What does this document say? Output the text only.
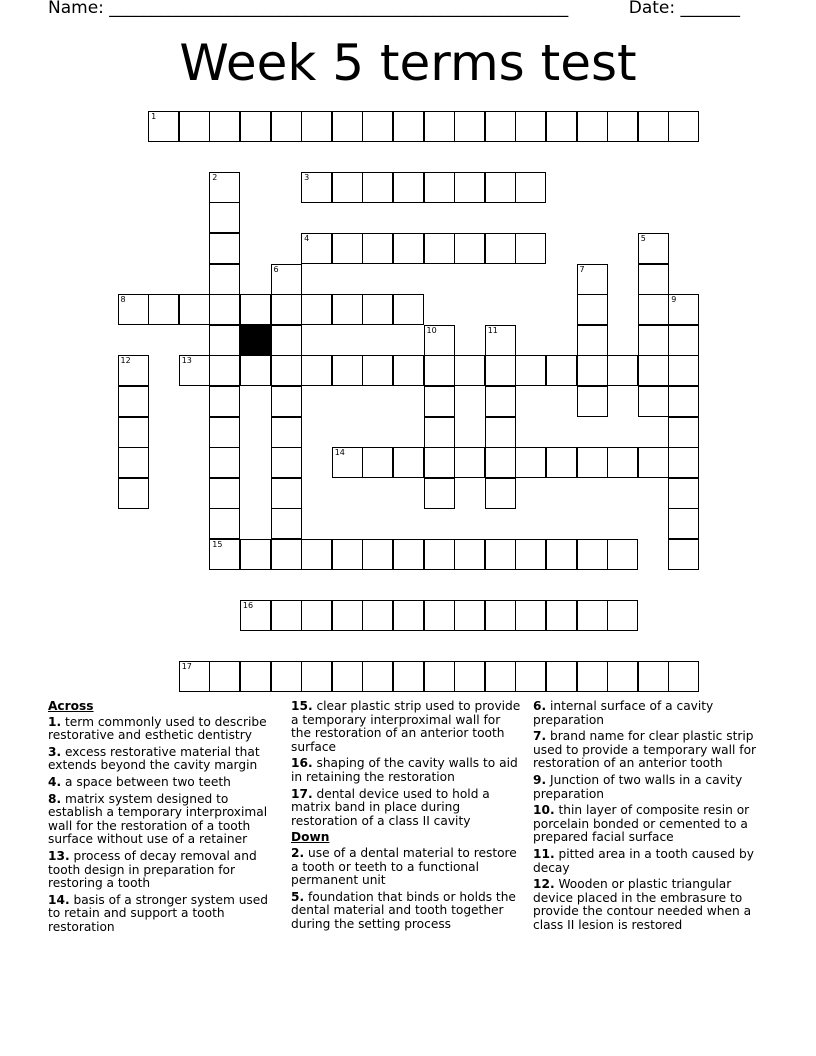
Name: ______________________________________________________	Date: _______
Week 5 terms test
1
2	3
4	5
6	7
8	9
10	11
12	13
14
15
16
17
Across
1. term commonly used to describe restorative and esthetic dentistry
3. excess restorative material that extends beyond the cavity margin
4. a space between two teeth
8. matrix system designed to establish a temporary interproximal wall for the restoration of a tooth surface without use of a retainer
13. process of decay removal and tooth design in preparation for restoring a tooth
14. basis of a stronger system used to retain and support a tooth restoration
15. clear plastic strip used to provide a temporary interproximal wall for the restoration of an anterior tooth surface
16. shaping of the cavity walls to aid in retaining the restoration
17. dental device used to hold a matrix band in place during restoration of a class II cavity
Down
2. use of a dental material to restore a tooth or teeth to a functional permanent unit
5. foundation that binds or holds the dental material and tooth together during the setting process
6. internal surface of a cavity preparation
7. brand name for clear plastic strip used to provide a temporary wall for restoration of an anterior tooth
9. Junction of two walls in a cavity preparation
10. thin layer of composite resin or porcelain bonded or cemented to a prepared facial surface
11. pitted area in a tooth caused by decay
12. Wooden or plastic triangular device placed in the embrasure to provide the contour needed when a class II lesion is restored
